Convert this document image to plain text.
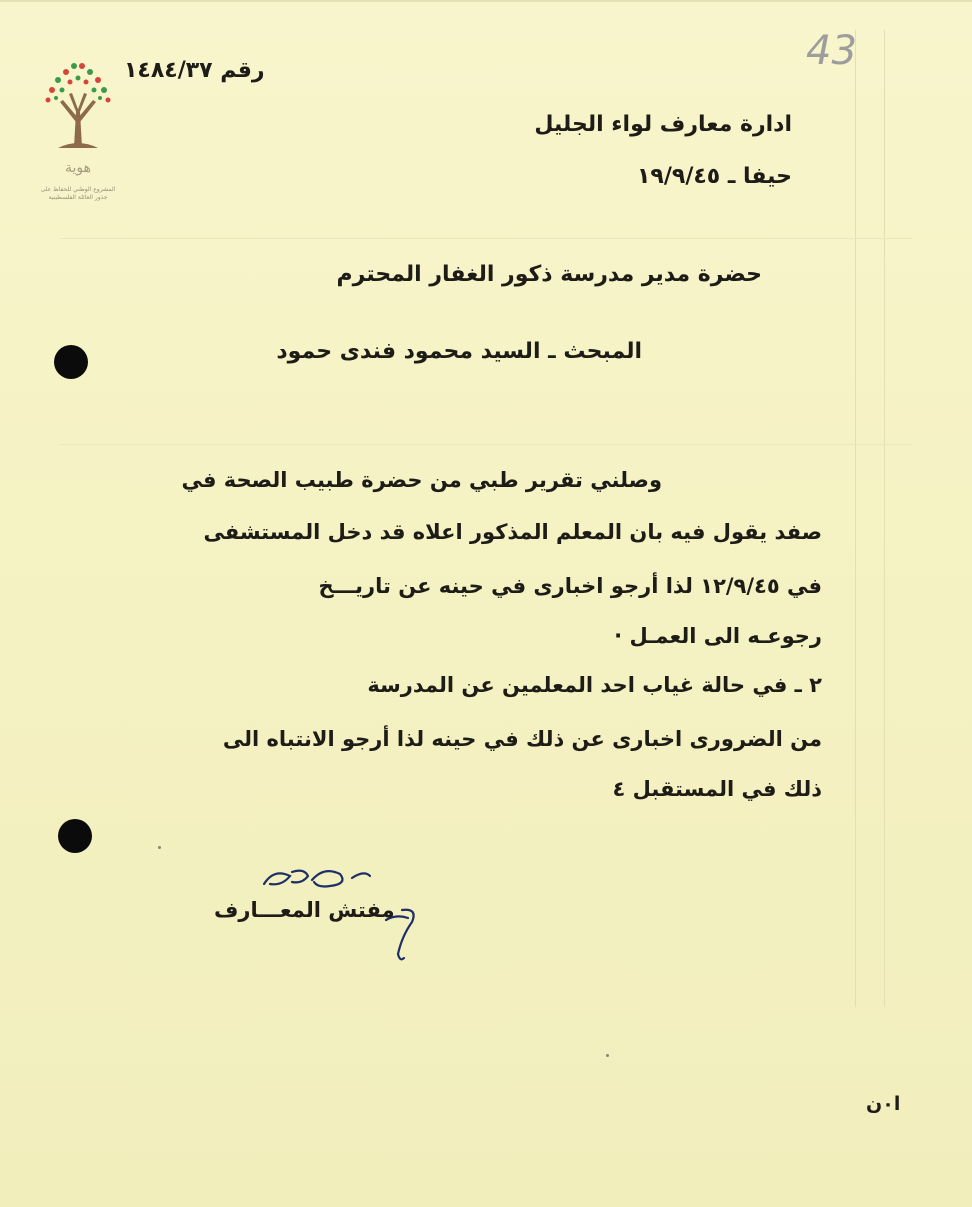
هوية
المشروع الوطني للحفاظ على جذور العائلة الفلسطينية
43
رقم ١٤٨٤/٣٧
ادارة معارف لواء الجليل
حيفا ـ ١٩/٩/٤٥
حضرة مدير مدرسة ذكور الغفار المحترم
المبحث ـ السيد محمود فندى حمود
وصلني تقرير طبي من حضرة طبيب الصحة في
صفد يقول فيه بان المعلم المذكور اعلاه قد دخل المستشفى
في ١٢/٩/٤٥ لذا أرجو اخبارى في حينه عن تاريـــخ
رجوعـه الى العمـل ·
٢ ـ في حالة غياب احد المعلمين عن المدرسة
من الضرورى اخبارى عن ذلك في حينه لذا أرجو الانتباه الى
ذلك في المستقبل ٤
مفتش المعـــارف
ا٠ن
